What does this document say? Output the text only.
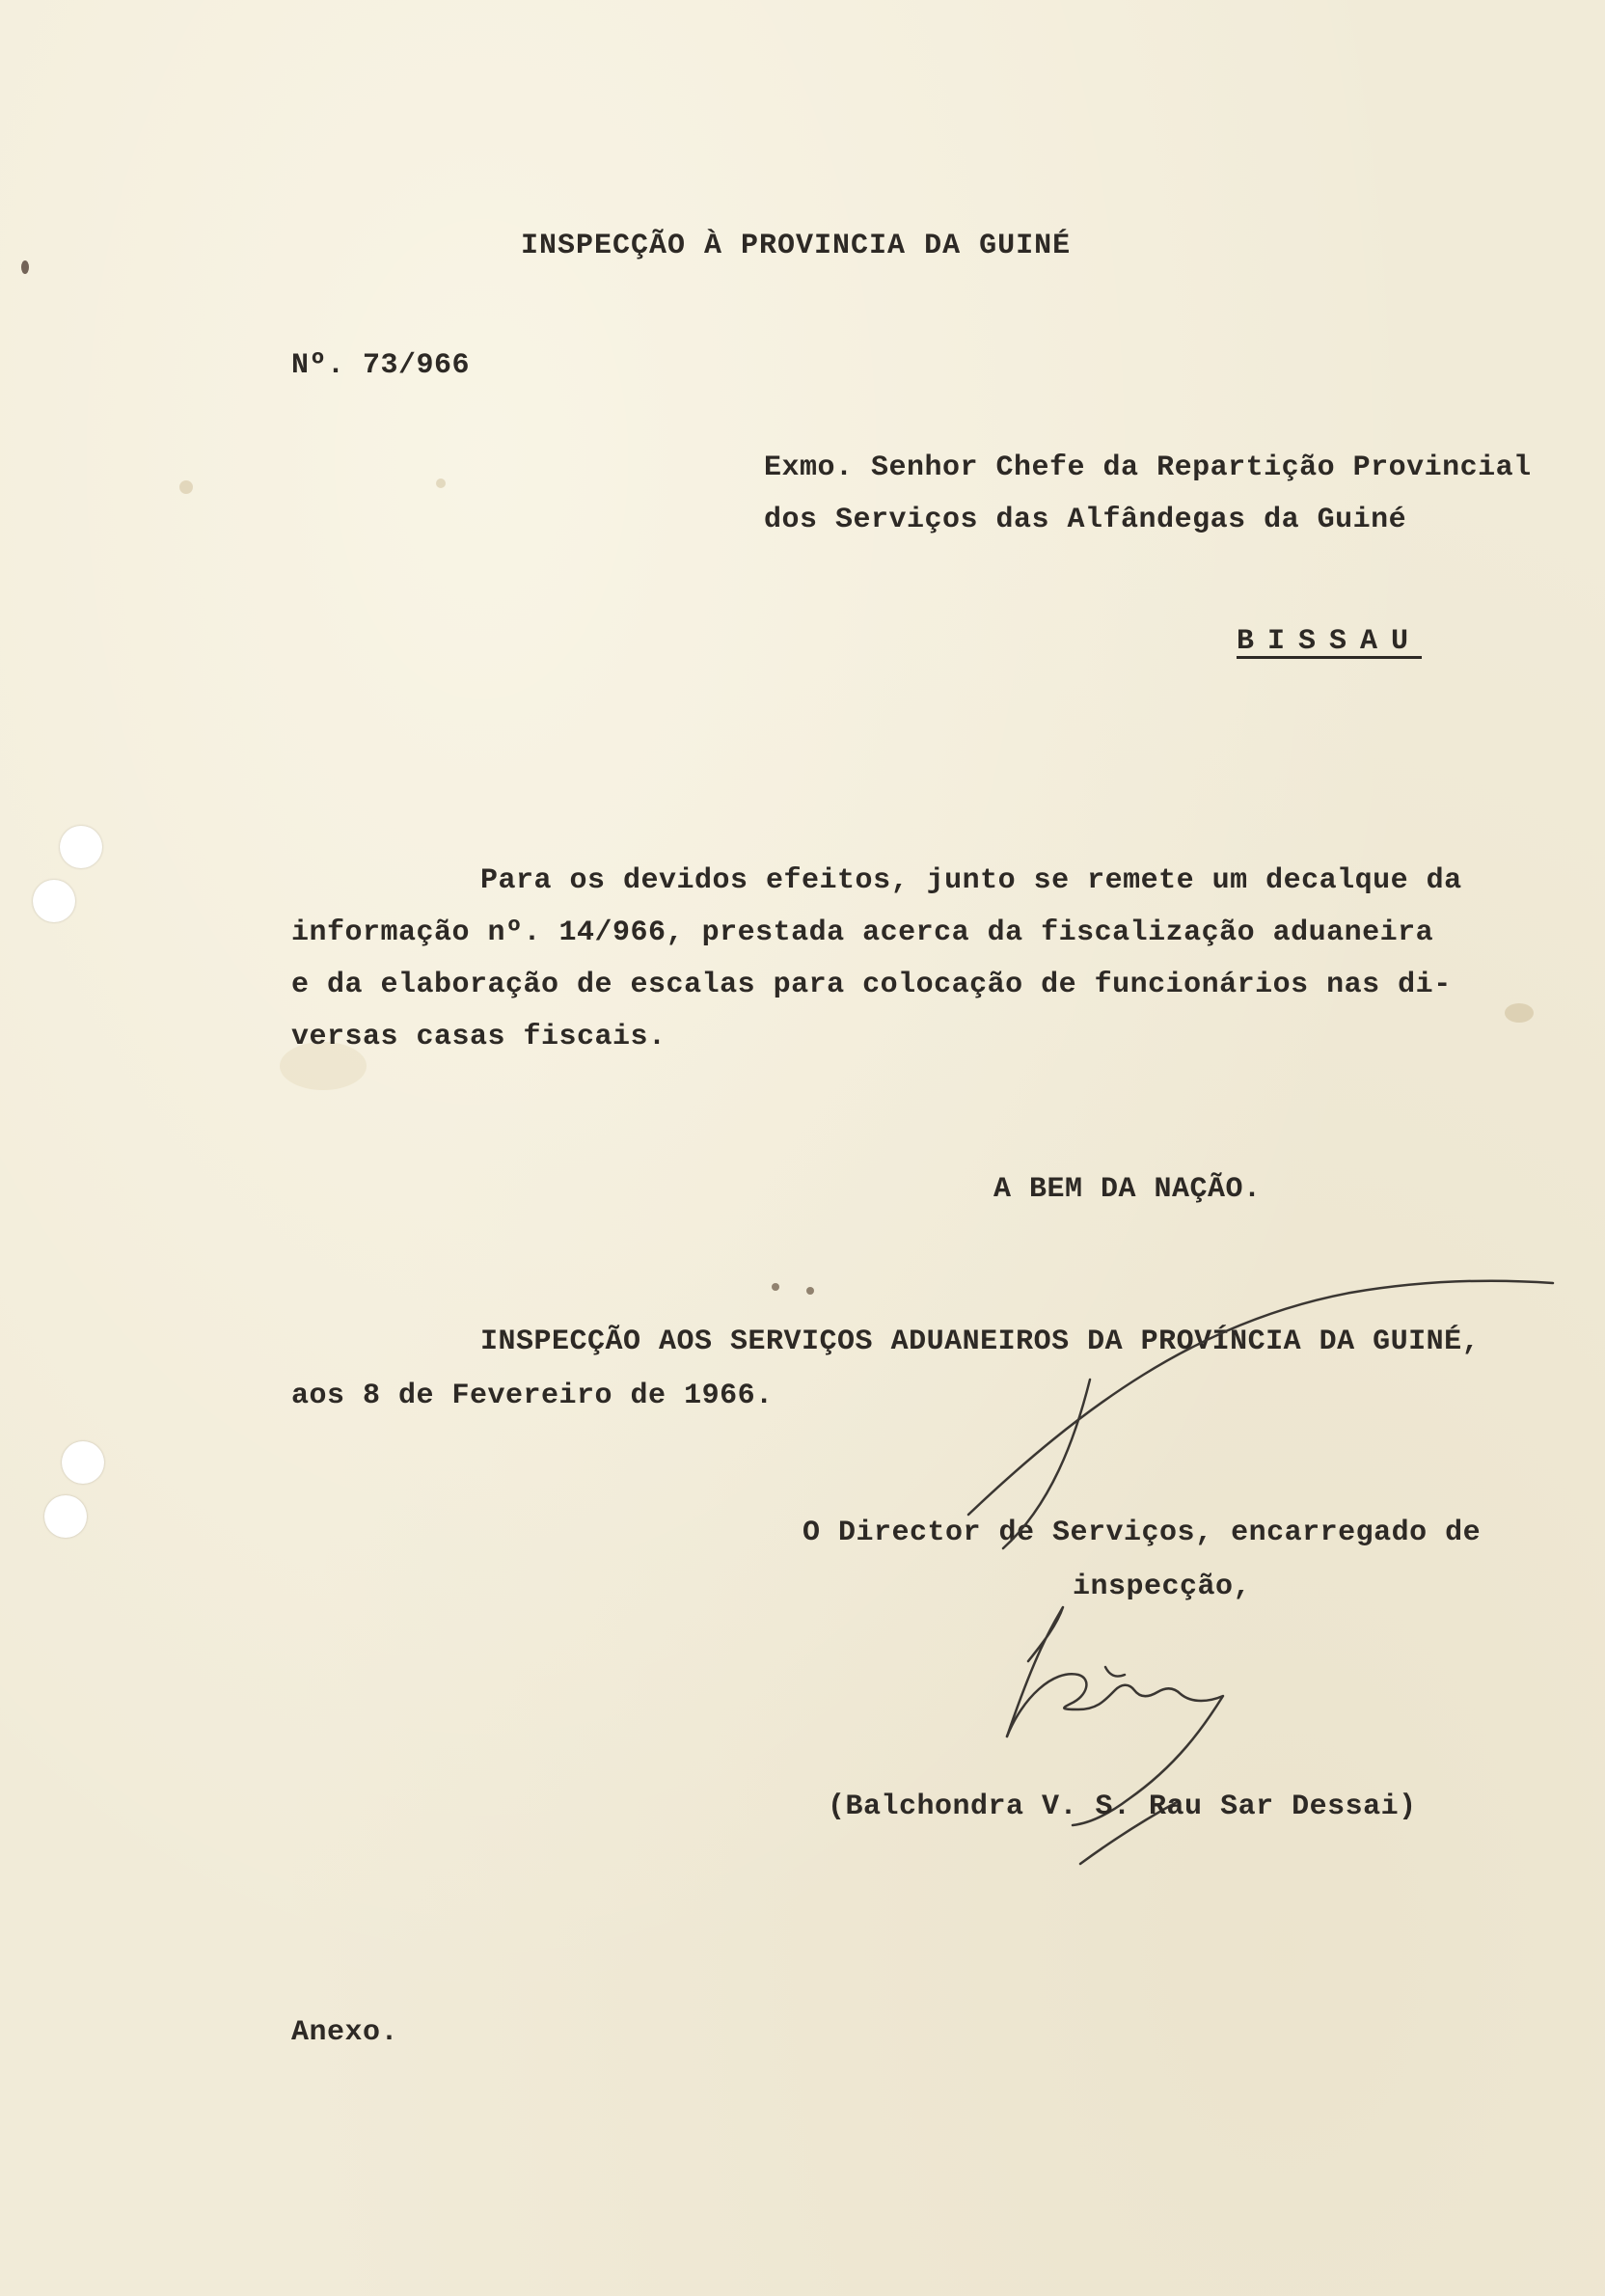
INSPECÇÃO À PROVINCIA DA GUINÉ
Nº. 73/966
Exmo. Senhor Chefe da Repartição Provincial
dos Serviços das Alfândegas da Guiné
BISSAU
Para os devidos efeitos, junto se remete um decalque da
informação nº. 14/966, prestada acerca da fiscalização aduaneira
e da elaboração de escalas para colocação de funcionários nas di-
versas casas fiscais.
A BEM DA NAÇÃO.
INSPECÇÃO AOS SERVIÇOS ADUANEIROS DA PROVÍNCIA DA GUINÉ,
aos 8 de Fevereiro de 1966.
O Director de Serviços, encarregado de
inspecção,
(Balchondra V. S. Rau Sar Dessai)
Anexo.
